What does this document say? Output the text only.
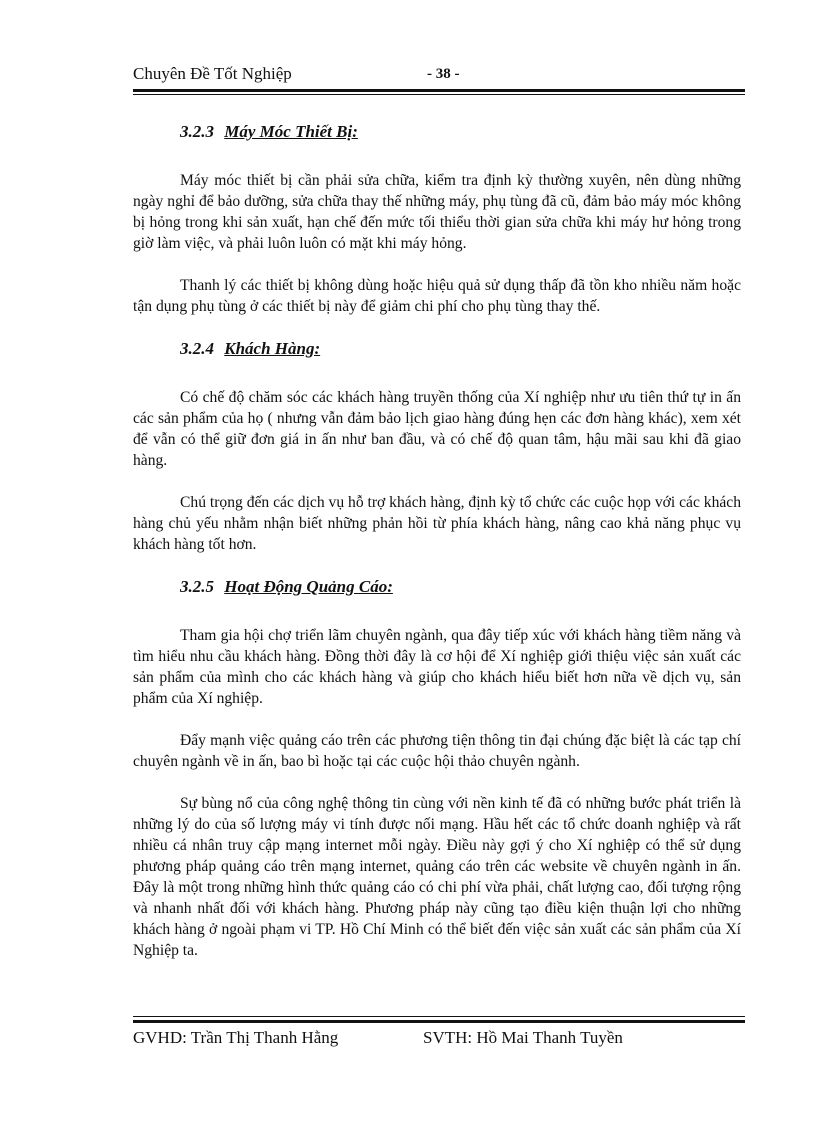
Chuyên Đề Tốt Nghiệp	- 38 -
3.2.3 Máy Móc Thiết Bị:

Máy móc thiết bị cần phải sửa chữa, kiểm tra định kỳ thường xuyên, nên dùng những ngày nghỉ để bảo dưỡng, sửa chữa thay thế những máy, phụ tùng đã cũ, đảm bảo máy móc không bị hỏng trong khi sản xuất, hạn chế đến mức tối thiểu thời gian sửa chữa khi máy hư hỏng trong giờ làm việc, và phải luôn luôn có mặt khi máy hỏng.

Thanh lý các thiết bị không dùng hoặc hiệu quả sử dụng thấp đã tồn kho nhiều năm hoặc tận dụng phụ tùng ở các thiết bị này để giảm chi phí cho phụ tùng thay thế.

3.2.4 Khách Hàng:

Có chế độ chăm sóc các khách hàng truyền thống của Xí nghiệp như ưu tiên thứ tự in ấn các sản phẩm của họ ( nhưng vẫn đảm bảo lịch giao hàng đúng hẹn các đơn hàng khác), xem xét để vẫn có thể giữ đơn giá in ấn như ban đầu, và có chế độ quan tâm, hậu mãi sau khi đã giao hàng.

Chú trọng đến các dịch vụ hỗ trợ khách hàng, định kỳ tổ chức các cuộc họp với các khách hàng chủ yếu nhằm nhận biết những phản hồi từ phía khách hàng, nâng cao khả năng phục vụ khách hàng tốt hơn.

3.2.5 Hoạt Động Quảng Cáo:

Tham gia hội chợ triển lãm chuyên ngành, qua đây tiếp xúc với khách hàng tiềm năng và tìm hiểu nhu cầu khách hàng. Đồng thời đây là cơ hội để Xí nghiệp giới thiệu việc sản xuất các sản phẩm của mình cho các khách hàng và giúp cho khách hiểu biết hơn nữa về dịch vụ, sản phẩm của Xí nghiệp.

Đẩy mạnh việc quảng cáo trên các phương tiện thông tin đại chúng đặc biệt là các tạp chí chuyên ngành về in ấn, bao bì hoặc tại các cuộc hội thảo chuyên ngành.

Sự bùng nổ của công nghệ thông tin cùng với nền kinh tế đã có những bước phát triển là những lý do của số lượng máy vi tính được nối mạng. Hầu hết các tổ chức doanh nghiệp và rất nhiều cá nhân truy cập mạng internet mỗi ngày. Điều này gợi ý cho Xí nghiệp có thể sử dụng phương pháp quảng cáo trên mạng internet, quảng cáo trên các website về chuyên ngành in ấn. Đây là một trong những hình thức quảng cáo có chi phí vừa phải, chất lượng cao, đối tượng rộng và nhanh nhất đối với khách hàng. Phương pháp này cũng tạo điều kiện thuận lợi cho những khách hàng ở ngoài phạm vi TP. Hồ Chí Minh có thể biết đến việc sản xuất các sản phẩm của Xí Nghiệp ta.

GVHD: Trần Thị Thanh Hằng	SVTH: Hồ Mai Thanh Tuyền
